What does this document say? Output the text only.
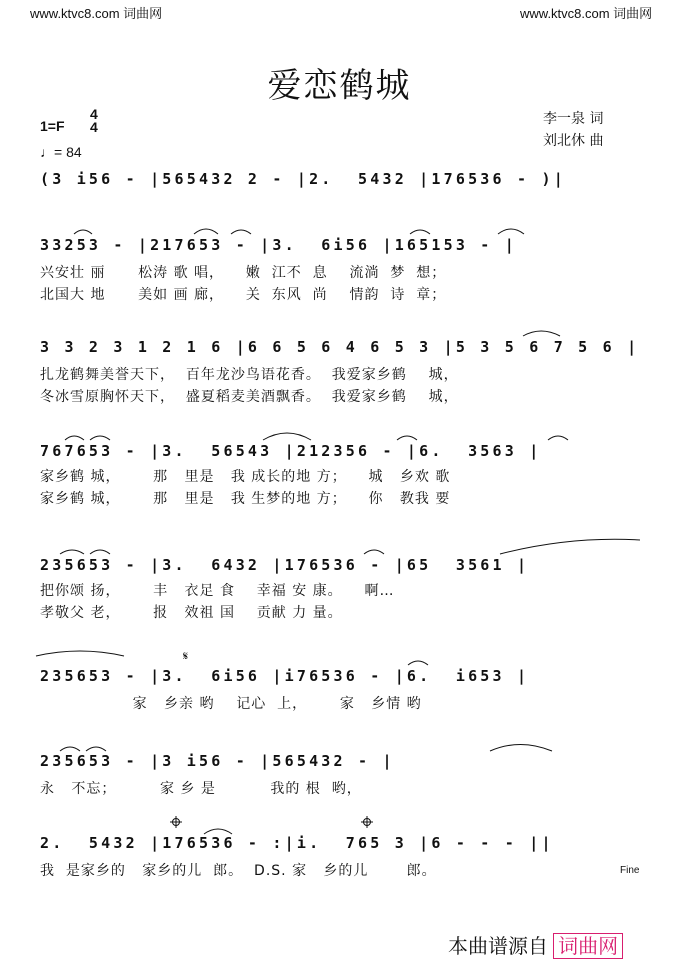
www.ktvc8.com 词曲网	www.ktvc8.com 词曲网
爱恋鹤城
1=F
4
4
♩= 84
李一泉 词
刘北休 曲
(3 i56 - |565432 2 - |2.  5432 |176536 - )|
33253 - |217653 - |3.  6i56 |165153 - |
兴安壮 丽      松涛 歌 唱，    嫩  江不  息    流淌  梦  想；
北国大 地      美如 画 廊，    关  东风  尚    情韵  诗  章；
3 3 2 3 1 2 1 6 |6 6 5 6 4 6 5 3 |5 3 5 6 7 5 6 |
扎龙鹤舞美誉天下，  百年龙沙鸟语花香。  我爱家乡鹤    城，
冬冰雪原胸怀天下，  盛夏稻麦美酒飘香。  我爱家乡鹤    城，
767653 - |3.  56543 |212356 - |6.  3563 |
家乡鹤 城，      那   里是   我 成长的地 方；    城   乡欢 歌
家乡鹤 城，      那   里是   我 生梦的地 方；    你   教我 要
235653 - |3.  6432 |176536 - |65  3561 |
把你颂 扬，      丰   衣足 食    幸福 安 康。    啊…
孝敬父 老，      报   效祖 国    贡献 力 量。
235653 - |3.  6i56 |i76536 - |6.  i653 |
家   乡亲 哟    记心  上，      家   乡情 哟
235653 - |3 i56 - |565432 - |
永   不忘；        家 乡 是          我的 根  哟，
2.  5432 |176536 - :|i.  765 3 |6 - - - ||
我  是家乡的   家乡的儿  郎。  D.S. 家   乡的儿       郎。	Fine
𝄋
本曲谱源自 词曲网
